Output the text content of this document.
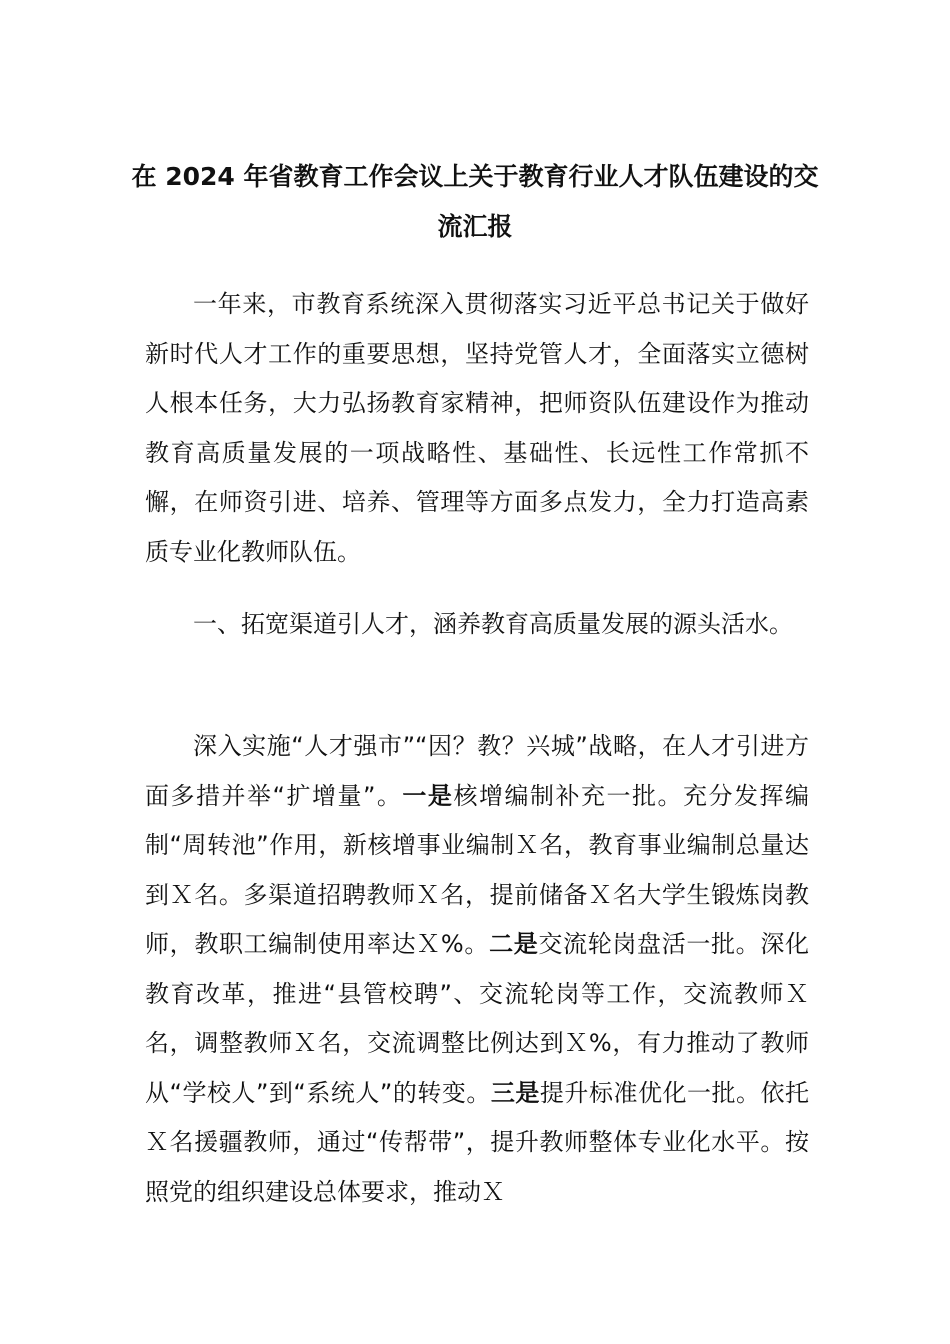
在 2024 年省教育工作会议上关于教育行业人才队伍建设的交流汇报

一年来，市教育系统深入贯彻落实习近平总书记关于做好新时代人才工作的重要思想，坚持党管人才，全面落实立德树人根本任务，大力弘扬教育家精神，把师资队伍建设作为推动教育高质量发展的一项战略性、基础性、长远性工作常抓不懈，在师资引进、培养、管理等方面多点发力，全力打造高素质专业化教师队伍。

一、拓宽渠道引人才，涵养教育高质量发展的源头活水。

深入实施“人才强市”“因？教？兴城”战略，在人才引进方面多措并举“扩增量”。一是核增编制补充一批。充分发挥编制“周转池”作用，新核增事业编制Ｘ名，教育事业编制总量达到Ｘ名。多渠道招聘教师Ｘ名，提前储备Ｘ名大学生锻炼岗教师，教职工编制使用率达Ｘ%。二是交流轮岗盘活一批。深化教育改革，推进“县管校聘”、交流轮岗等工作，交流教师Ｘ名，调整教师Ｘ名，交流调整比例达到Ｘ%，有力推动了教师从“学校人”到“系统人”的转变。三是提升标准优化一批。依托Ｘ名援疆教师，通过“传帮带”，提升教师整体专业化水平。按照党的组织建设总体要求，推动Ｘ
